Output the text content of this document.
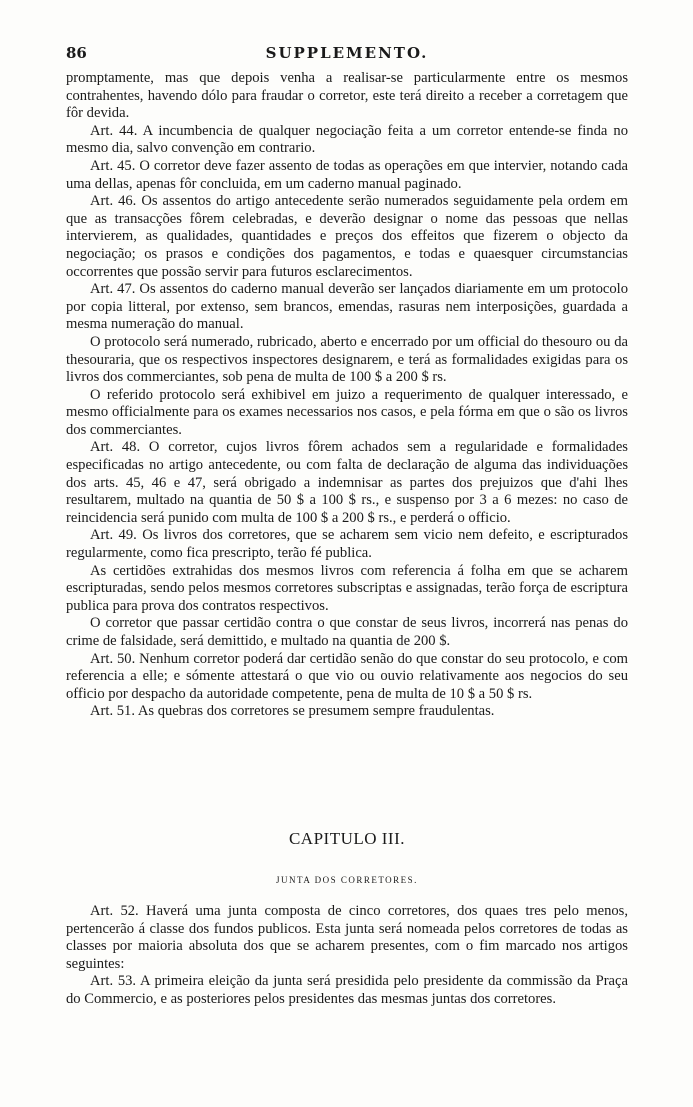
86	SUPPLEMENTO.

promptamente, mas que depois venha a realisar-se particularmente entre os mesmos contrahentes, havendo dólo para fraudar o corretor, este terá direito a receber a corretagem que fôr devida.

Art. 44. A incumbencia de qualquer negociação feita a um corretor entende-se finda no mesmo dia, salvo convenção em contrario.

Art. 45. O corretor deve fazer assento de todas as operações em que intervier, notando cada uma dellas, apenas fôr concluida, em um caderno manual paginado.

Art. 46. Os assentos do artigo antecedente serão numerados seguidamente pela ordem em que as transacções fôrem celebradas, e deverão designar o nome das pessoas que nellas intervierem, as qualidades, quantidades e preços dos effeitos que fizerem o objecto da negociação; os prasos e condições dos pagamentos, e todas e quaesquer circumstancias occorrentes que possão servir para futuros esclarecimentos.

Art. 47. Os assentos do caderno manual deverão ser lançados diariamente em um protocolo por copia litteral, por extenso, sem brancos, emendas, rasuras nem interposições, guardada a mesma numeração do manual.

O protocolo será numerado, rubricado, aberto e encerrado por um official do thesouro ou da thesouraria, que os respectivos inspectores designarem, e terá as formalidades exigidas para os livros dos commerciantes, sob pena de multa de 100 $ a 200 $ rs.

O referido protocolo será exhibivel em juizo a requerimento de qualquer interessado, e mesmo officialmente para os exames necessarios nos casos, e pela fórma em que o são os livros dos commerciantes.

Art. 48. O corretor, cujos livros fôrem achados sem a regularidade e formalidades especificadas no artigo antecedente, ou com falta de declaração de alguma das individuações dos arts. 45, 46 e 47, será obrigado a indemnisar as partes dos prejuizos que d'ahi lhes resultarem, multado na quantia de 50 $ a 100 $ rs., e suspenso por 3 a 6 mezes: no caso de reincidencia será punido com multa de 100 $ a 200 $ rs., e perderá o officio.

Art. 49. Os livros dos corretores, que se acharem sem vicio nem defeito, e escripturados regularmente, como fica prescripto, terão fé publica.

As certidões extrahidas dos mesmos livros com referencia á folha em que se acharem escripturadas, sendo pelos mesmos corretores subscriptas e assignadas, terão força de escriptura publica para prova dos contratos respectivos.

O corretor que passar certidão contra o que constar de seus livros, incorrerá nas penas do crime de falsidade, será demittido, e multado na quantia de 200 $.

Art. 50. Nenhum corretor poderá dar certidão senão do que constar do seu protocolo, e com referencia a elle; e sómente attestará o que vio ou ouvio relativamente aos negocios do seu officio por despacho da autoridade competente, pena de multa de 10 $ a 50 $ rs.

Art. 51. As quebras dos corretores se presumem sempre fraudulentas.

CAPITULO III.
JUNTA DOS CORRETORES.

Art. 52. Haverá uma junta composta de cinco corretores, dos quaes tres pelo menos, pertencerão á classe dos fundos publicos. Esta junta será nomeada pelos corretores de todas as classes por maioria absoluta dos que se acharem presentes, com o fim marcado nos artigos seguintes:

Art. 53. A primeira eleição da junta será presidida pelo presidente da commissão da Praça do Commercio, e as posteriores pelos presidentes das mesmas juntas dos corretores.
